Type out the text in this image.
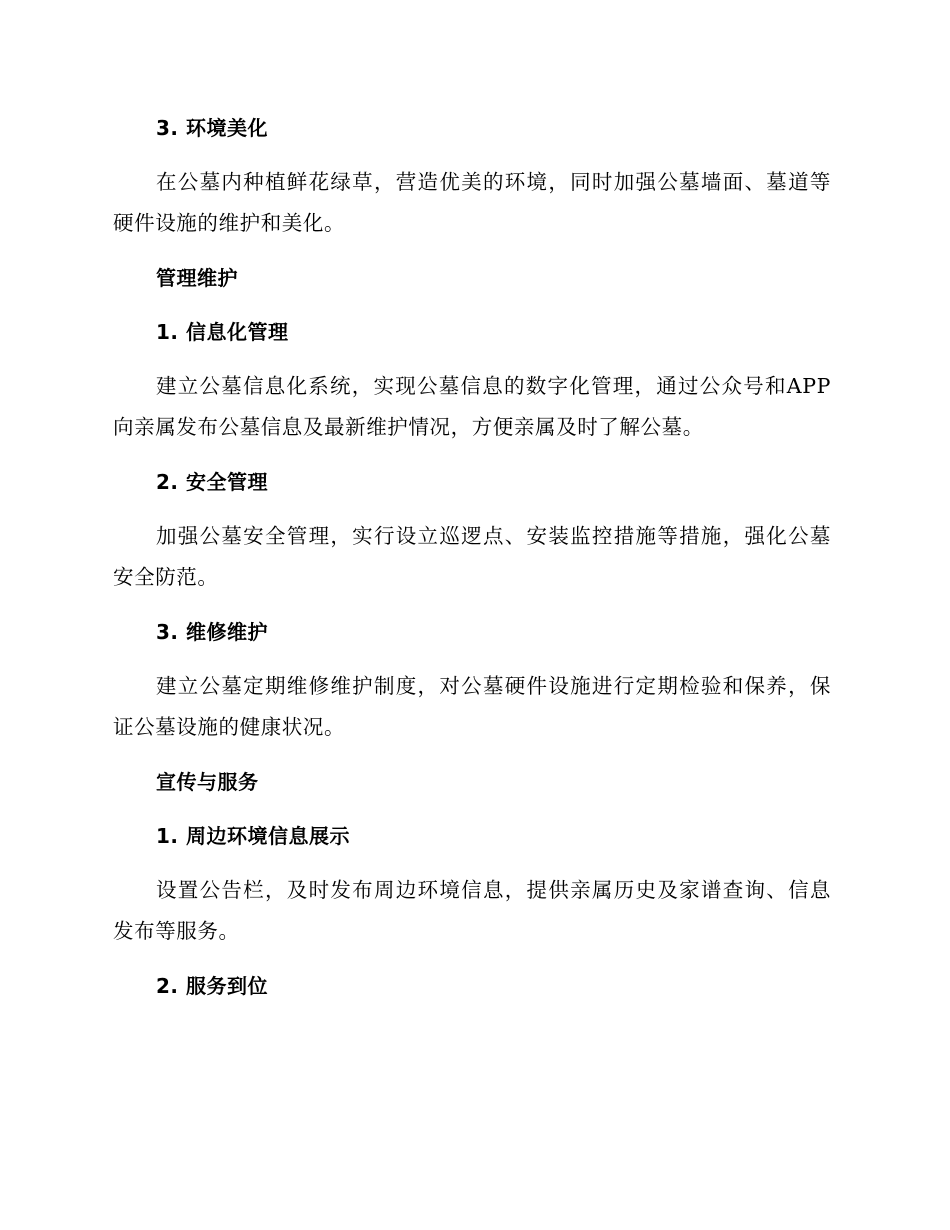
3. 环境美化
在公墓内种植鲜花绿草，营造优美的环境，同时加强公墓墙面、墓道等硬件设施的维护和美化。
管理维护
1. 信息化管理
建立公墓信息化系统，实现公墓信息的数字化管理，通过公众号和APP向亲属发布公墓信息及最新维护情况，方便亲属及时了解公墓。
2. 安全管理
加强公墓安全管理，实行设立巡逻点、安装监控措施等措施，强化公墓安全防范。
3. 维修维护
建立公墓定期维修维护制度，对公墓硬件设施进行定期检验和保养，保证公墓设施的健康状况。
宣传与服务
1. 周边环境信息展示
设置公告栏，及时发布周边环境信息，提供亲属历史及家谱查询、信息发布等服务。
2. 服务到位
